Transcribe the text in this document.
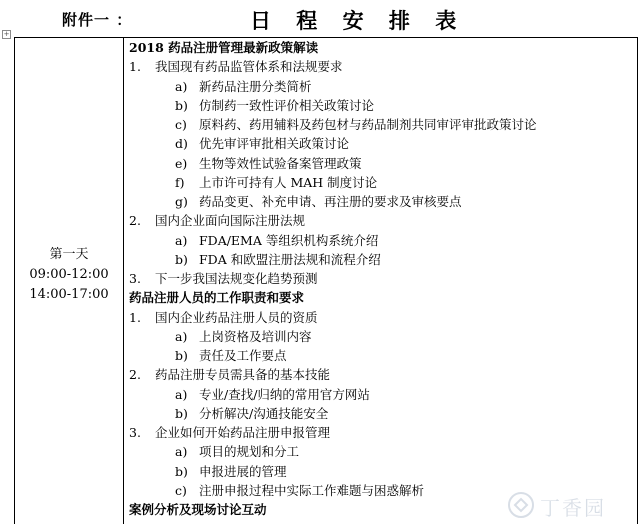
附件一 ：	日 程 安 排 表
+
第一天
09:00-12:00
14:00-17:00
2018 药品注册管理最新政策解读
1. 我国现有药品监管体系和法规要求
a) 新药品注册分类简析
b) 仿制药一致性评价相关政策讨论
c) 原料药、药用辅料及药包材与药品制剂共同审评审批政策讨论
d) 优先审评审批相关政策讨论
e) 生物等效性试验备案管理政策
f) 上市许可持有人 MAH 制度讨论
g) 药品变更、补充申请、再注册的要求及审核要点
2. 国内企业面向国际注册法规
a) FDA/EMA 等组织机构系统介绍
b) FDA 和欧盟注册法规和流程介绍
3. 下一步我国法规变化趋势预测
药品注册人员的工作职责和要求
1. 国内企业药品注册人员的资质
a) 上岗资格及培训内容
b) 责任及工作要点
2. 药品注册专员需具备的基本技能
a) 专业/查找/归纳的常用官方网站
b) 分析解决/沟通技能安全
3. 企业如何开始药品注册申报管理
a) 项目的规划和分工
b) 申报进展的管理
c) 注册申报过程中实际工作难题与困惑解析
案例分析及现场讨论互动	丁香园
